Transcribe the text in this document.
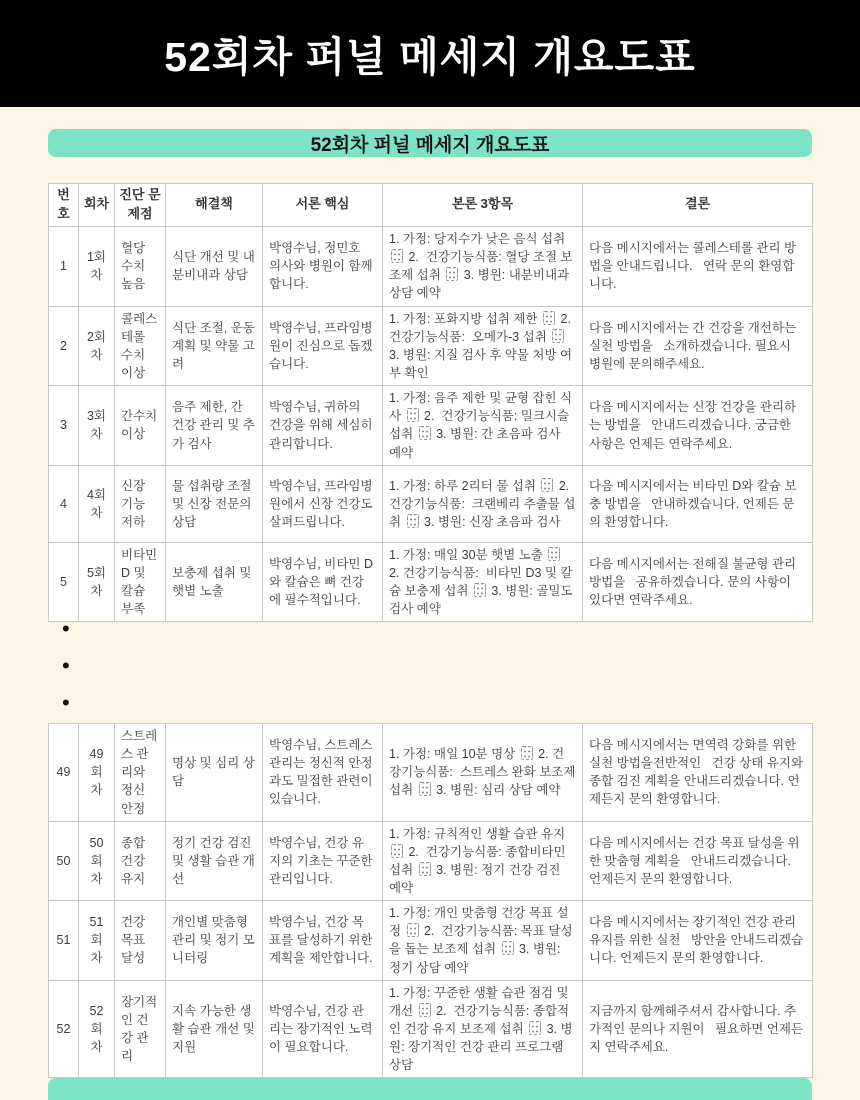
52회차 퍼널 메세지 개요도표
52회차 퍼널 메세지 개요도표
번호	회차	진단 문제점	해결책	서론 핵심	본론 3항목	결론
1	1회차	혈당 수치 높음	식단 개선 및 내분비내과 상담	박영수님, 정민호 의사와 병원이 함께합니다.	1. 가정: 당지수가 낮은 음식 섭취  2.  건강기능식품: 혈당 조절 보조제 섭취  3. 병원: 내분비내과 상담 예약	다음 메시지에서는 콜레스테롤 관리 방법을 안내드립니다.   연락 문의 환영합니다.
2	2회차	콜레스테롤 수치 이상	식단 조절, 운동 계획 및 약물 고려	박영수님, 프라임병원이 진심으로 돕겠습니다.	1. 가정: 포화지방 섭취 제한  2. 건강기능식품:  오메가-3 섭취  3. 병원: 지질 검사 후 약물 처방 여부 확인	다음 메시지에서는 간 건강을 개선하는 실천 방법을   소개하겠습니다. 필요시 병원에 문의해주세요.
3	3회차	간수치 이상	음주 제한, 간 건강 관리 및 추가 검사	박영수님, 귀하의 건강을 위해 세심히 관리합니다.	1. 가정: 음주 제한 및 균형 잡힌 식사  2.  건강기능식품: 밀크시슬 섭취  3. 병원: 간 초음파 검사 예약	다음 메시지에서는 신장 건강을 관리하는 방법을   안내드리겠습니다. 궁금한 사항은 언제든 연락주세요.
4	4회차	신장 기능 저하	물 섭취량 조절 및 신장 전문의 상담	박영수님, 프라임병원에서 신장 건강도 살펴드립니다.	1. 가정: 하루 2리터 물 섭취  2. 건강기능식품:  크랜베리 추출물 섭취  3. 병원: 신장 초음파 검사	다음 메시지에서는 비타민 D와 칼슘 보충 방법을   안내하겠습니다. 언제든 문의 환영합니다.
5	5회차	비타민 D 및 칼슘 부족	보충제 섭취 및 햇볕 노출	박영수님, 비타민 D와 칼슘은 뼈 건강에 필수적입니다.	1. 가정: 매일 30분 햇볕 노출  2. 건강기능식품:  비타민 D3 및 칼슘 보충제 섭취  3. 병원: 골밀도 검사 예약	다음 메시지에서는 전해질 불균형 관리 방법을   공유하겠습니다. 문의 사항이 있다면 연락주세요.
•
•
•
49	49회차	스트레스 관리와 정신 안정	명상 및 심리 상담	박영수님, 스트레스 관리는 정신적 안정과도 밀접한 관련이 있습니다.	1. 가정: 매일 10분 명상  2. 건강기능식품:  스트레스 완화 보조제 섭취  3. 병원: 심리 상담 예약	다음 메시지에서는 면역력 강화를 위한 실천 방법을전반적인   건강 상태 유지와 종합 검진 계획을 안내드리겠습니다. 언제든지 문의 환영합니다.
50	50회차	종합 건강 유지	정기 건강 검진 및 생활 습관 개선	박영수님, 건강 유지의 기초는 꾸준한 관리입니다.	1. 가정: 규칙적인 생활 습관 유지  2.  건강기능식품: 종합비타민 섭취  3. 병원: 정기 건강 검진 예약	다음 메시지에서는 건강 목표 달성을 위한 맞춤형 계획을   안내드리겠습니다. 언제든지 문의 환영합니다.
51	51회차	건강 목표 달성	개인별 맞춤형 관리 및 정기 모니터링	박영수님, 건강 목표를 달성하기 위한 계획을 제안합니다.	1. 가정: 개인 맞춤형 건강 목표 설정  2.  건강기능식품: 목표 달성을 돕는 보조제 섭취  3. 병원: 정기 상담 예약	다음 메시지에서는 장기적인 건강 관리 유지를 위한 실천   방안을 안내드리겠습니다. 언제든지 문의 환영합니다.
52	52회차	장기적인 건강 관리	지속 가능한 생활 습관 개선 및 지원	박영수님, 건강 관리는 장기적인 노력이 필요합니다.	1. 가정: 꾸준한 생활 습관 점검 및 개선  2.  건강기능식품: 종합적인 건강 유지 보조제 섭취  3. 병원: 장기적인 건강 관리 프로그램 상담	지금까지 함께해주셔서 감사합니다. 추가적인 문의나 지원이   필요하면 언제든지 연락주세요.
